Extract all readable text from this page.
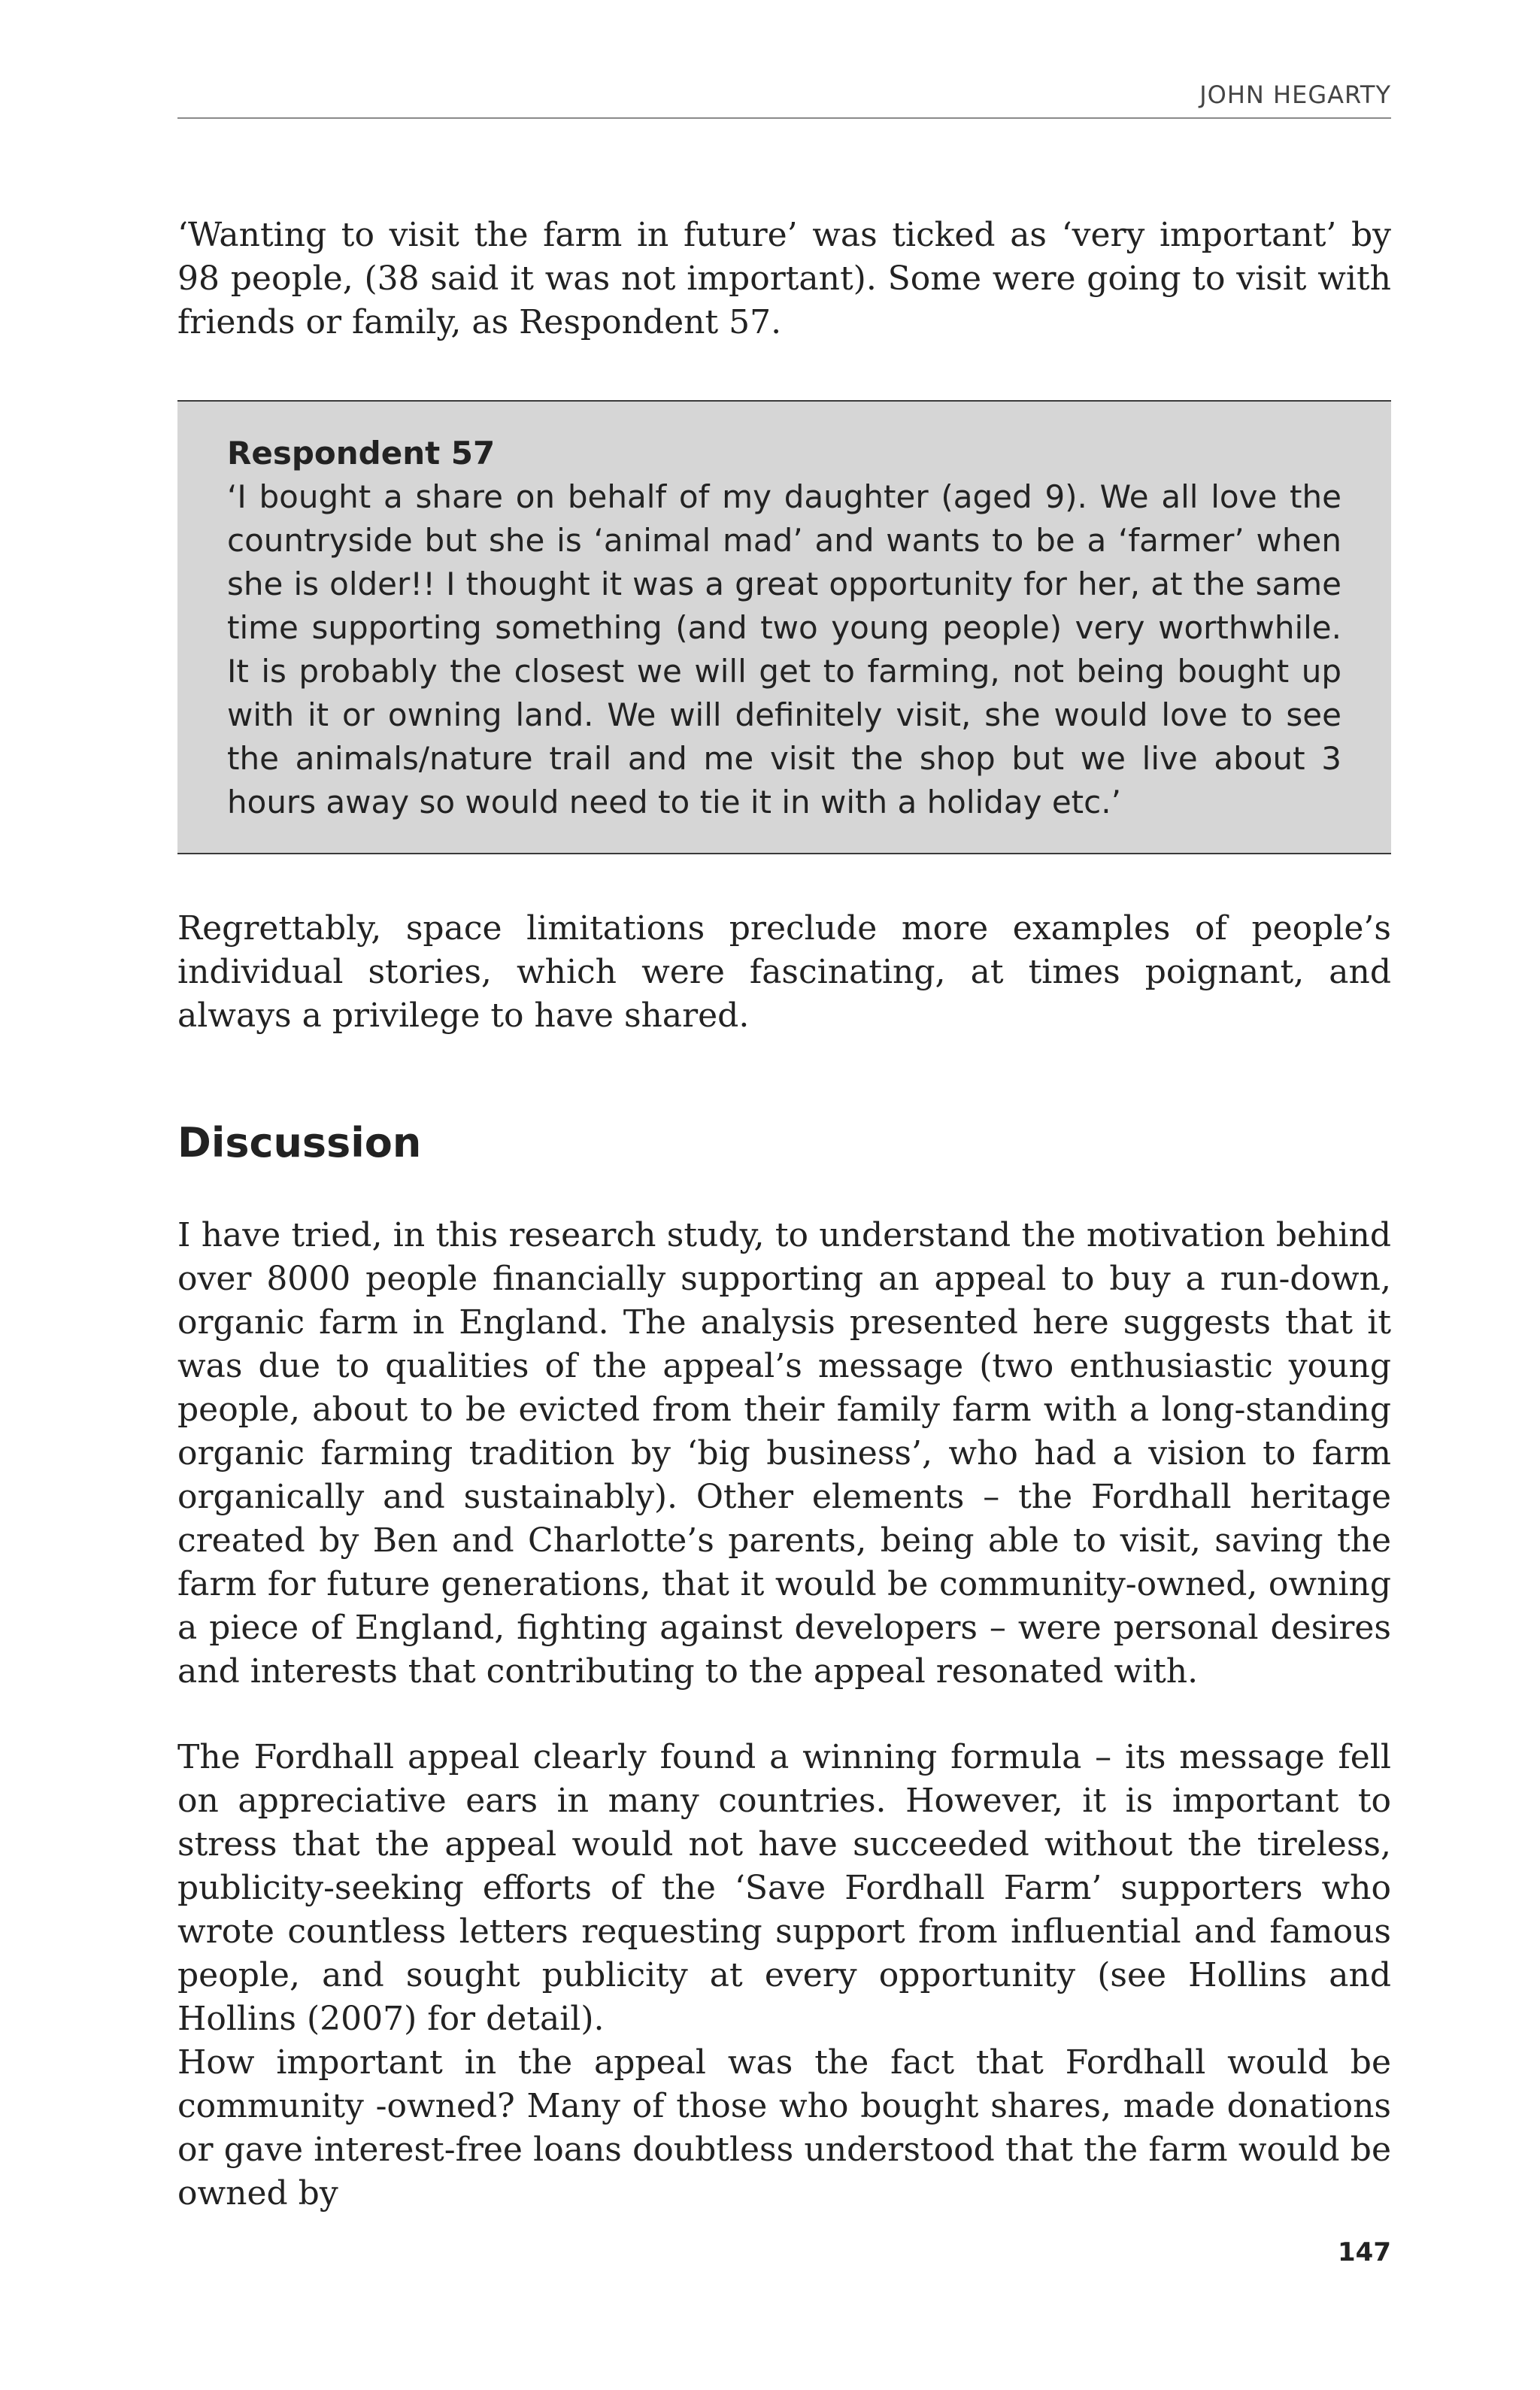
JOHN HEGARTY

‘Wanting to visit the farm in future’ was ticked as ‘very important’ by 98 people, (38 said it was not important). Some were going to visit with friends or family, as Respondent 57.

Respondent 57

‘I bought a share on behalf of my daughter (aged 9). We all love the countryside but she is ‘animal mad’ and wants to be a ‘farmer’ when she is older!! I thought it was a great opportunity for her, at the same time supporting something (and two young people) very worthwhile. It is probably the closest we will get to farming, not being bought up with it or owning land. We will definitely visit, she would love to see the animals/nature trail and me visit the shop but we live about 3 hours away so would need to tie it in with a holiday etc.’

Regrettably, space limitations preclude more examples of people’s individual stories, which were fascinating, at times poignant, and always a privilege to have shared.

Discussion

I have tried, in this research study, to understand the motivation behind over 8000 people financially supporting an appeal to buy a run-down, organic farm in England. The analysis presented here suggests that it was due to qualities of the appeal’s message (two enthusiastic young people, about to be evicted from their family farm with a long-standing organic farming tradition by ‘big business’, who had a vision to farm organically and sustainably). Other elements – the Fordhall heritage created by Ben and Charlotte’s parents, being able to visit, saving the farm for future generations, that it would be community-owned, owning a piece of England, fighting against developers – were personal desires and interests that contributing to the appeal resonated with.

The Fordhall appeal clearly found a winning formula – its message fell on appreciative ears in many countries. However, it is important to stress that the appeal would not have succeeded without the tireless, publicity-seeking efforts of the ‘Save Fordhall Farm’ supporters who wrote countless letters requesting support from influential and famous people, and sought publicity at every opportunity (see Hollins and Hollins (2007) for detail).

How important in the appeal was the fact that Fordhall would be community -owned? Many of those who bought shares, made donations or gave interest-free loans doubtless understood that the farm would be owned by

147
